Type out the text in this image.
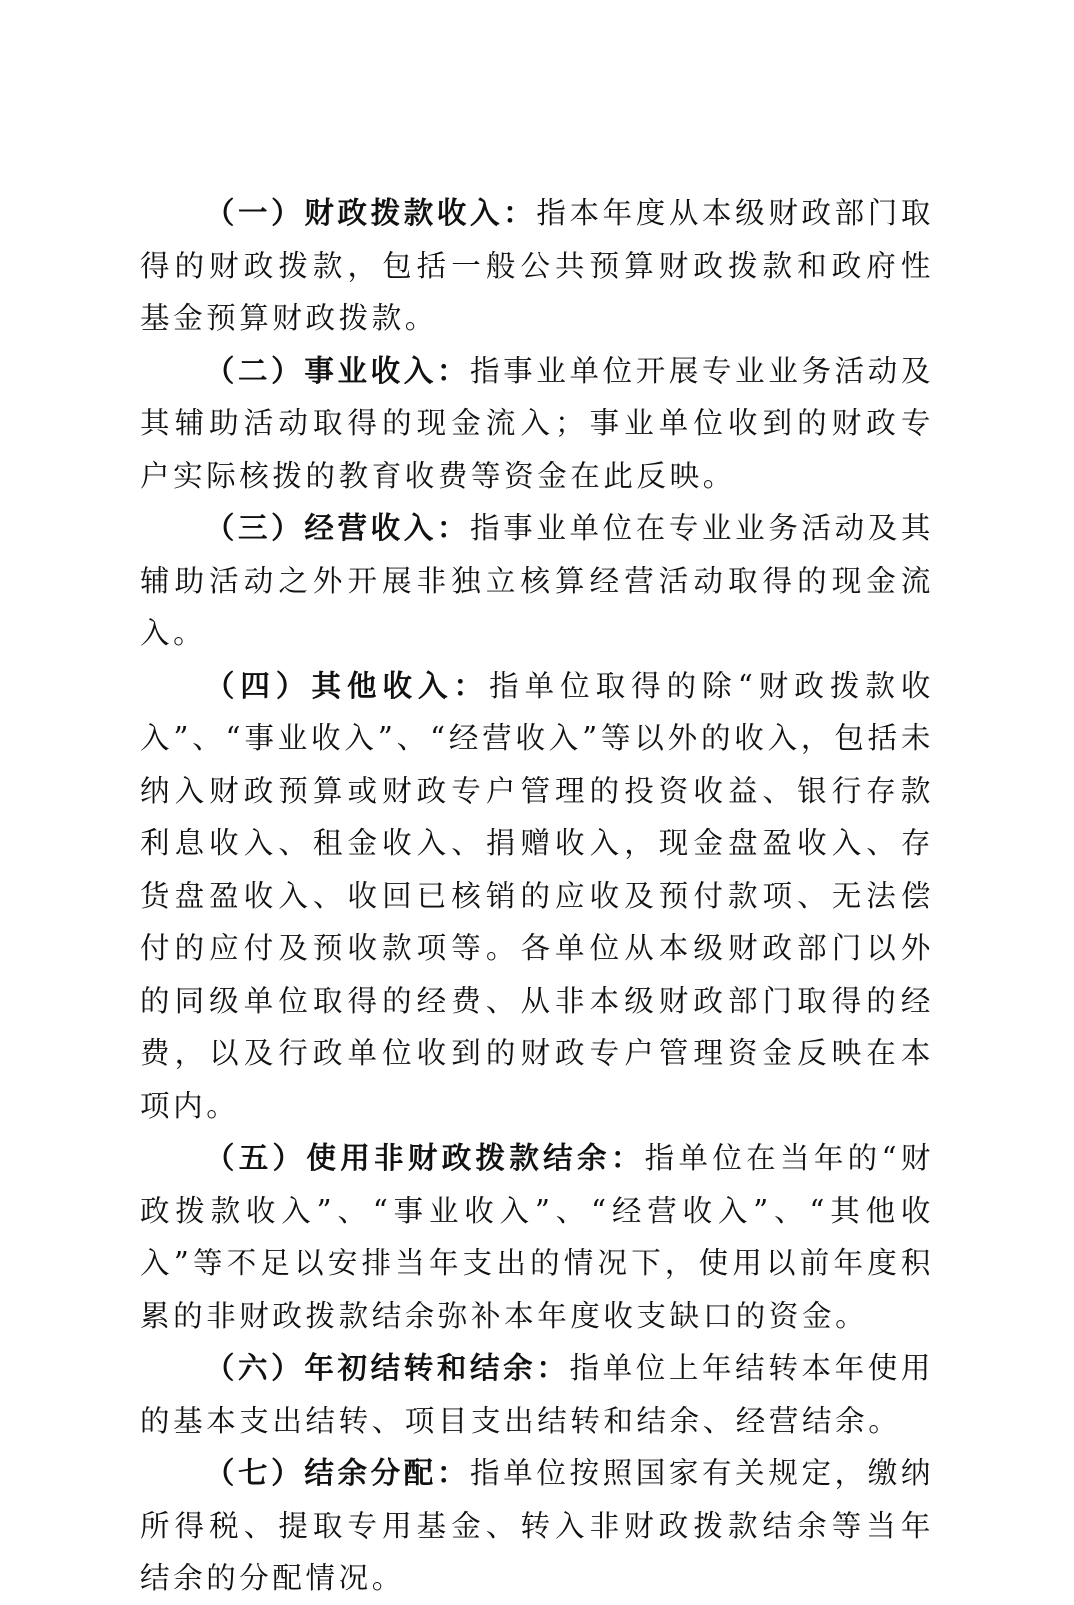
（一）财政拨款收入：指本年度从本级财政部门取得的财政拨款，包括一般公共预算财政拨款和政府性基金预算财政拨款。

（二）事业收入：指事业单位开展专业业务活动及其辅助活动取得的现金流入；事业单位收到的财政专户实际核拨的教育收费等资金在此反映。

（三）经营收入：指事业单位在专业业务活动及其辅助活动之外开展非独立核算经营活动取得的现金流入。

（四）其他收入：指单位取得的除“财政拨款收入”、“事业收入”、“经营收入”等以外的收入，包括未纳入财政预算或财政专户管理的投资收益、银行存款利息收入、租金收入、捐赠收入，现金盘盈收入、存货盘盈收入、收回已核销的应收及预付款项、无法偿付的应付及预收款项等。各单位从本级财政部门以外的同级单位取得的经费、从非本级财政部门取得的经费，以及行政单位收到的财政专户管理资金反映在本项内。

（五）使用非财政拨款结余：指单位在当年的“财政拨款收入”、“事业收入”、“经营收入”、“其他收入”等不足以安排当年支出的情况下，使用以前年度积累的非财政拨款结余弥补本年度收支缺口的资金。

（六）年初结转和结余：指单位上年结转本年使用的基本支出结转、项目支出结转和结余、经营结余。

（七）结余分配：指单位按照国家有关规定，缴纳所得税、提取专用基金、转入非财政拨款结余等当年结余的分配情况。
